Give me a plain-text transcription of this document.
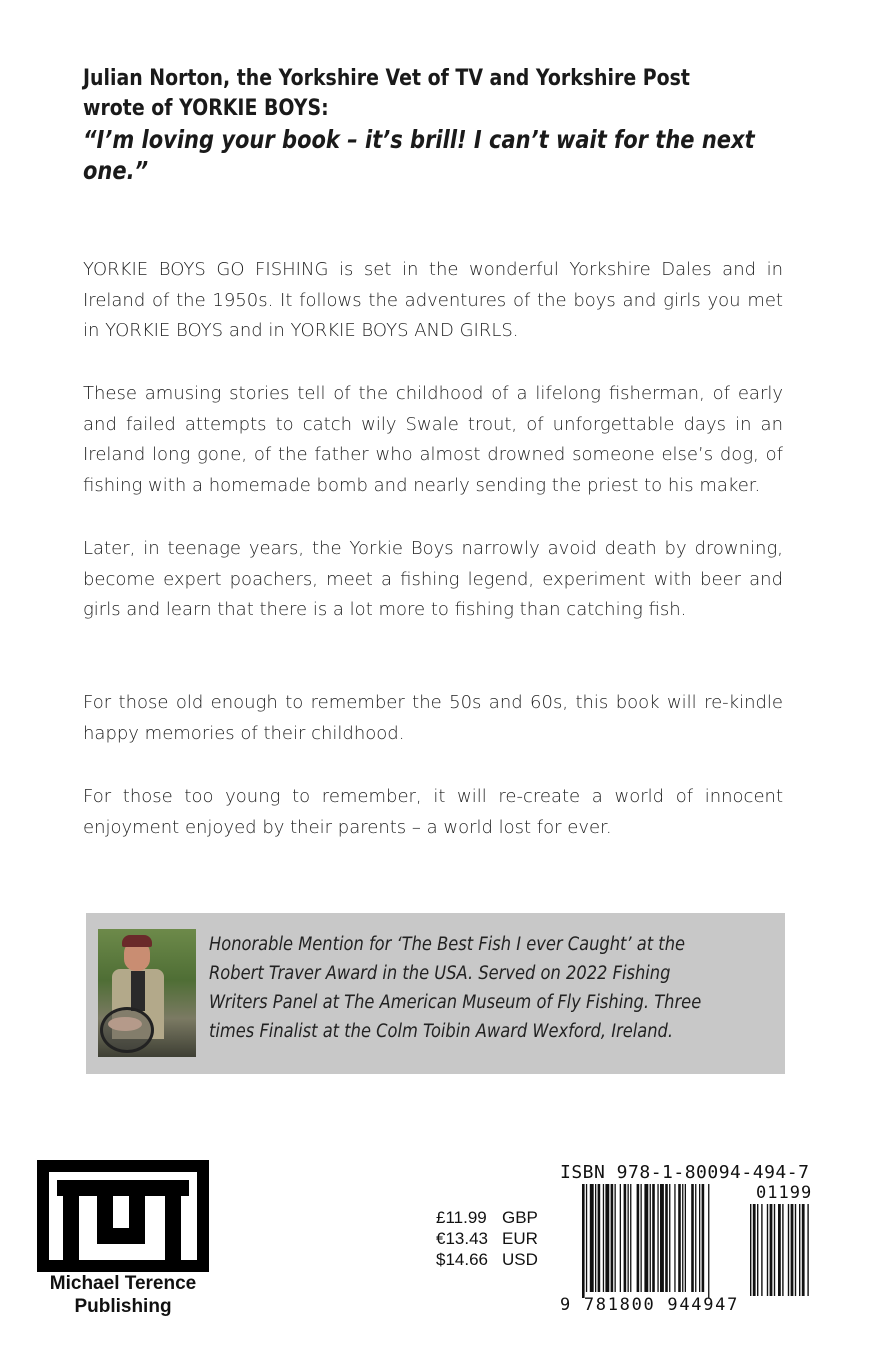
Julian Norton, the Yorkshire Vet of TV and Yorkshire Post
wrote of YORKIE BOYS:

“I’m loving your book – it’s brill! I can’t wait for the next one.”

YORKIE BOYS GO FISHING is set in the wonderful Yorkshire Dales and in Ireland of the 1950s. It follows the adventures of the boys and girls you met in YORKIE BOYS and in YORKIE BOYS AND GIRLS.

These amusing stories tell of the childhood of a lifelong fisherman, of early and failed attempts to catch wily Swale trout, of unforgettable days in an Ireland long gone, of the father who almost drowned someone else’s dog, of fishing with a homemade bomb and nearly sending the priest to his maker.

Later, in teenage years, the Yorkie Boys narrowly avoid death by drowning, become expert poachers, meet a fishing legend, experiment with beer and girls and learn that there is a lot more to fishing than catching fish.

For those old enough to remember the 50s and 60s, this book will re-kindle happy memories of their childhood.

For those too young to remember, it will re-create a world of innocent enjoyment enjoyed by their parents – a world lost for ever.

Honorable Mention for ‘The Best Fish I ever Caught’ at the Robert Traver Award in the USA. Served on 2022 Fishing Writers Panel at The American Museum of Fly Fishing. Three times Finalist at the Colm Toibin Award Wexford, Ireland.

Michael Terence
Publishing
£11.99 GBP
€13.43 EUR
$14.66 USD
ISBN 978-1-80094-494-7
01199
9 781800 944947
